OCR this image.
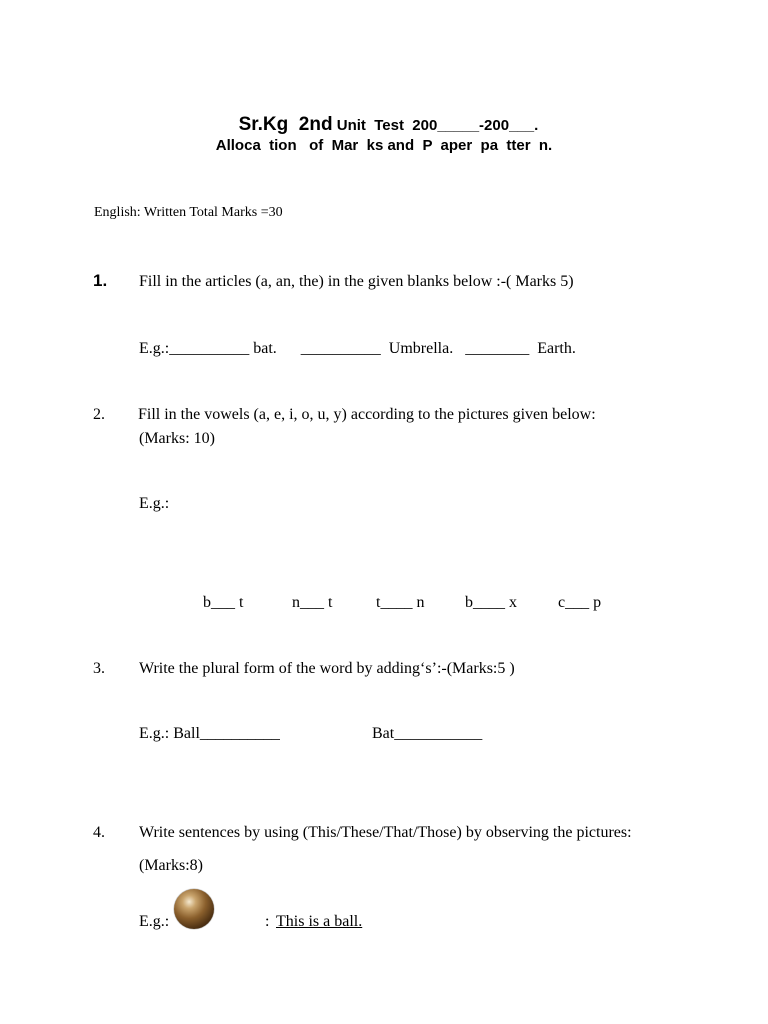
Sr.Kg  2nd Unit  Test  200_____-200___.

Alloca  tion   of  Mar  ks and  P  aper  pa  tter  n.
English: Written Total Marks =30
1. Fill in the articles (a, an, the) in the given blanks below :-( Marks 5)
E.g.:__________ bat.      __________  Umbrella.   ________  Earth.
2. Fill in the vowels (a, e, i, o, u, y) according to the pictures given below:
(Marks: 10)
E.g.:
b___ t	n___ t	t____ n	b____ x	c___ p
3. Write the plural form of the word by adding‘s’:-(Marks:5 )
E.g.: Ball__________	Bat___________
4. Write sentences by using (This/These/That/Those) by observing the pictures:
(Marks:8)
E.g.:	: This is a ball.
